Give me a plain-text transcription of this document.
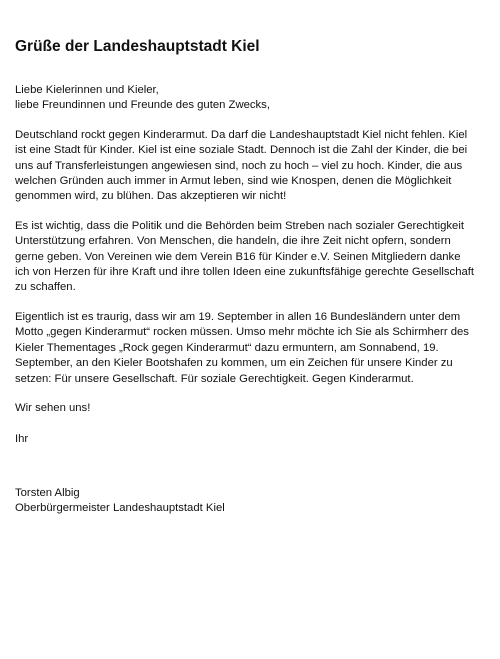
Grüße der Landeshauptstadt Kiel
Liebe Kielerinnen und Kieler,
liebe Freundinnen und Freunde des guten Zwecks,
Deutschland rockt gegen Kinderarmut. Da darf die Landeshauptstadt Kiel nicht fehlen. Kiel
ist eine Stadt für Kinder. Kiel ist eine soziale Stadt. Dennoch ist die Zahl der Kinder, die bei
uns auf Transferleistungen angewiesen sind, noch zu hoch – viel zu hoch. Kinder, die aus
welchen Gründen auch immer in Armut leben, sind wie Knospen, denen die Möglichkeit
genommen wird, zu blühen. Das akzeptieren wir nicht!
Es ist wichtig, dass die Politik und die Behörden beim Streben nach sozialer Gerechtigkeit
Unterstützung erfahren. Von Menschen, die handeln, die ihre Zeit nicht opfern, sondern
gerne geben. Von Vereinen wie dem Verein B16 für Kinder e.V. Seinen Mitgliedern danke
ich von Herzen für ihre Kraft und ihre tollen Ideen eine zukunftsfähige gerechte Gesellschaft
zu schaffen.
Eigentlich ist es traurig, dass wir am 19. September in allen 16 Bundesländern unter dem
Motto „gegen Kinderarmut“ rocken müssen. Umso mehr möchte ich Sie als Schirmherr des
Kieler Thementages „Rock gegen Kinderarmut“ dazu ermuntern, am Sonnabend, 19.
September, an den Kieler Bootshafen zu kommen, um ein Zeichen für unsere Kinder zu
setzen: Für unsere Gesellschaft. Für soziale Gerechtigkeit. Gegen Kinderarmut.
Wir sehen uns!
Ihr
Torsten Albig
Oberbürgermeister Landeshauptstadt Kiel
